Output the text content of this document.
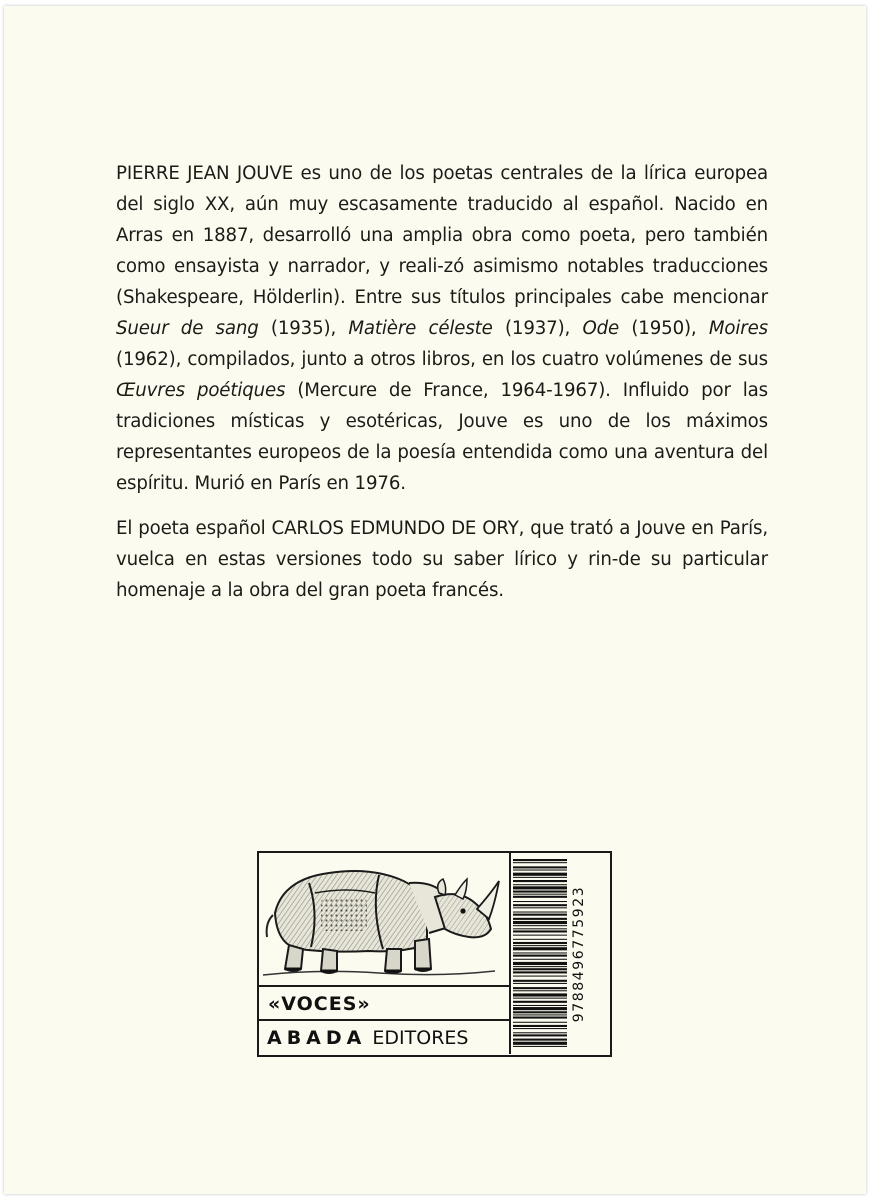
PIERRE JEAN JOUVE es uno de los poetas centrales de la lírica europea del siglo XX, aún muy escasamente traducido al español. Nacido en Arras en 1887, desarrolló una amplia obra como poeta, pero también como ensayista y narrador, y reali-zó asimismo notables traducciones (Shakespeare, Hölderlin). Entre sus títulos principales cabe mencionar Sueur de sang (1935), Matière céleste (1937), Ode (1950), Moires (1962), compilados, junto a otros libros, en los cuatro volúmenes de sus Œuvres poétiques (Mercure de France, 1964-1967). Influido por las tradiciones místicas y esotéricas, Jouve es uno de los máximos representantes europeos de la poesía entendida como una aventura del espíritu. Murió en París en 1976.

El poeta español CARLOS EDMUNDO DE ORY, que trató a Jouve en París, vuelca en estas versiones todo su saber lírico y rin-de su particular homenaje a la obra del gran poeta francés.

«VOCES»
ABADA EDITORES
9788496775923
